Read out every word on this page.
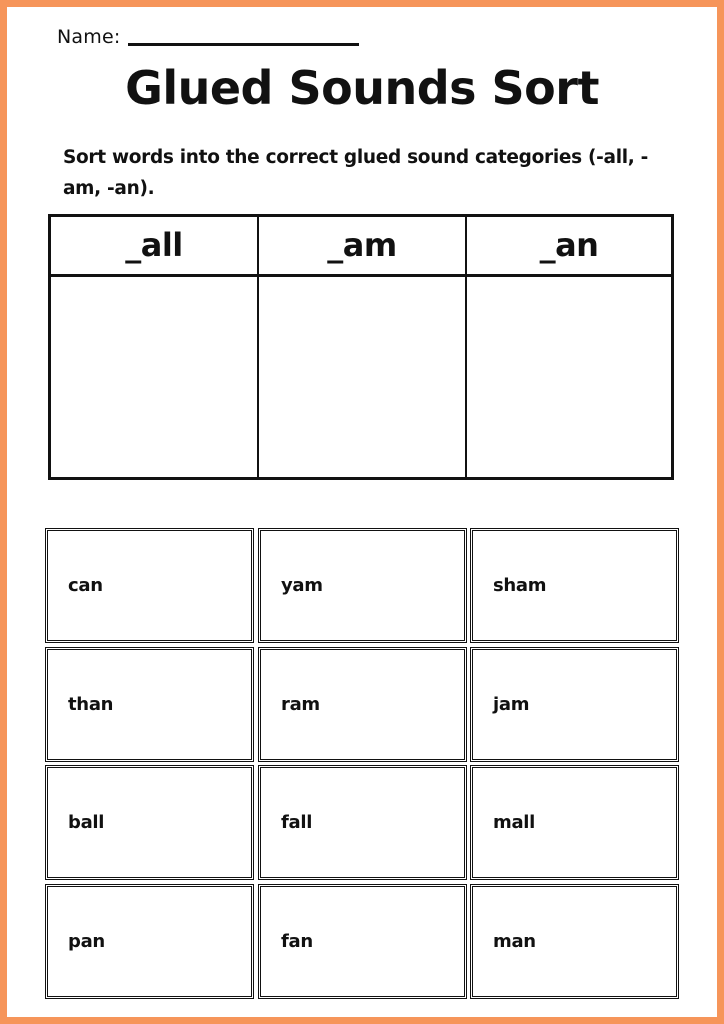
Name:
Glued Sounds Sort

Sort words into the correct glued sound categories (-all, - am, -an).

_all	_am	_an
can	yam	sham
than	ram	jam
ball	fall	mall
pan	fan	man
